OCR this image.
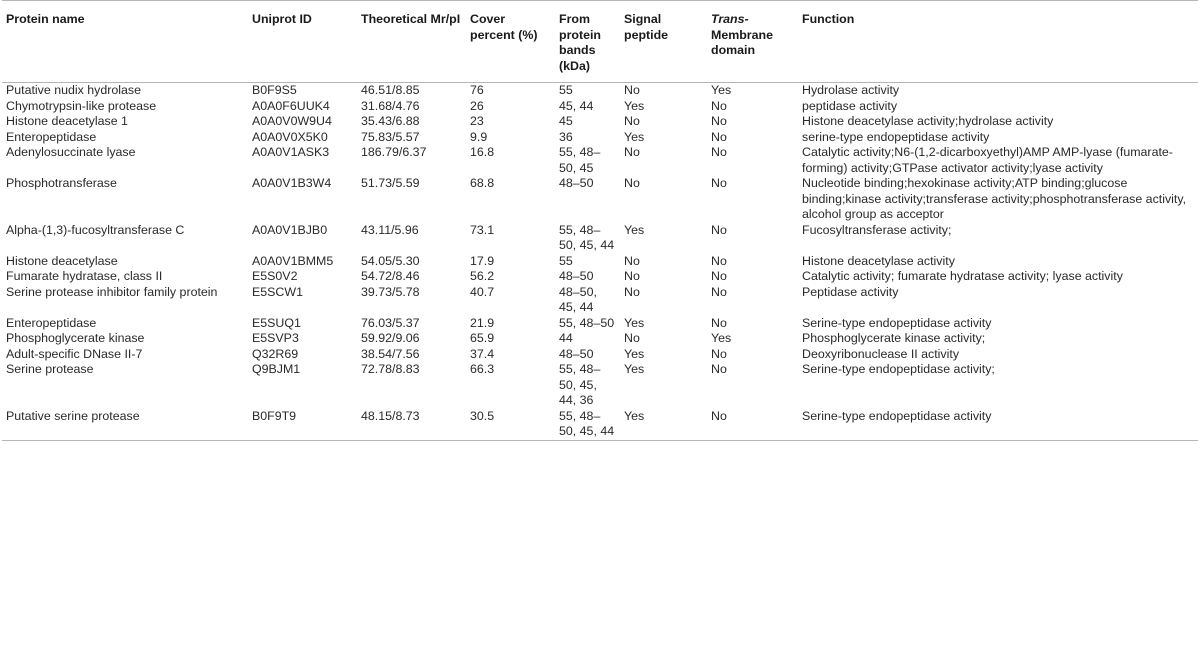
Protein name	Uniprot ID	Theoretical Mr/pI	Cover percent (%)	From protein bands (kDa)	Signal peptide	Trans-Membrane domain	Function
Putative nudix hydrolase	B0F9S5	46.51/8.85	76	55	No	Yes	Hydrolase activity
Chymotrypsin-like protease	A0A0F6UUK4	31.68/4.76	26	45, 44	Yes	No	peptidase activity
Histone deacetylase 1	A0A0V0W9U4	35.43/6.88	23	45	No	No	Histone deacetylase activity;hydrolase activity
Enteropeptidase	A0A0V0X5K0	75.83/5.57	9.9	36	Yes	No	serine-type endopeptidase activity
Adenylosuccinate lyase	A0A0V1ASK3	186.79/6.37	16.8	55, 48–50, 45	No	No	Catalytic activity;N6-(1,2-dicarboxyethyl)AMP AMP-lyase (fumarate-forming) activity;GTPase activator activity;lyase activity
Phosphotransferase	A0A0V1B3W4	51.73/5.59	68.8	48–50	No	No	Nucleotide binding;hexokinase activity;ATP binding;glucose binding;kinase activity;transferase activity;phosphotransferase activity, alcohol group as acceptor
Alpha-(1,3)-fucosyltransferase C	A0A0V1BJB0	43.11/5.96	73.1	55, 48–50, 45, 44	Yes	No	Fucosyltransferase activity;
Histone deacetylase	A0A0V1BMM5	54.05/5.30	17.9	55	No	No	Histone deacetylase activity
Fumarate hydratase, class II	E5S0V2	54.72/8.46	56.2	48–50	No	No	Catalytic activity; fumarate hydratase activity; lyase activity
Serine protease inhibitor family protein	E5SCW1	39.73/5.78	40.7	48–50, 45, 44	No	No	Peptidase activity
Enteropeptidase	E5SUQ1	76.03/5.37	21.9	55, 48–50	Yes	No	Serine-type endopeptidase activity
Phosphoglycerate kinase	E5SVP3	59.92/9.06	65.9	44	No	Yes	Phosphoglycerate kinase activity;
Adult-specific DNase II-7	Q32R69	38.54/7.56	37.4	48–50	Yes	No	Deoxyribonuclease II activity
Serine protease	Q9BJM1	72.78/8.83	66.3	55, 48–50, 45, 44, 36	Yes	No	Serine-type endopeptidase activity;
Putative serine protease	B0F9T9	48.15/8.73	30.5	55, 48–50, 45, 44	Yes	No	Serine-type endopeptidase activity
